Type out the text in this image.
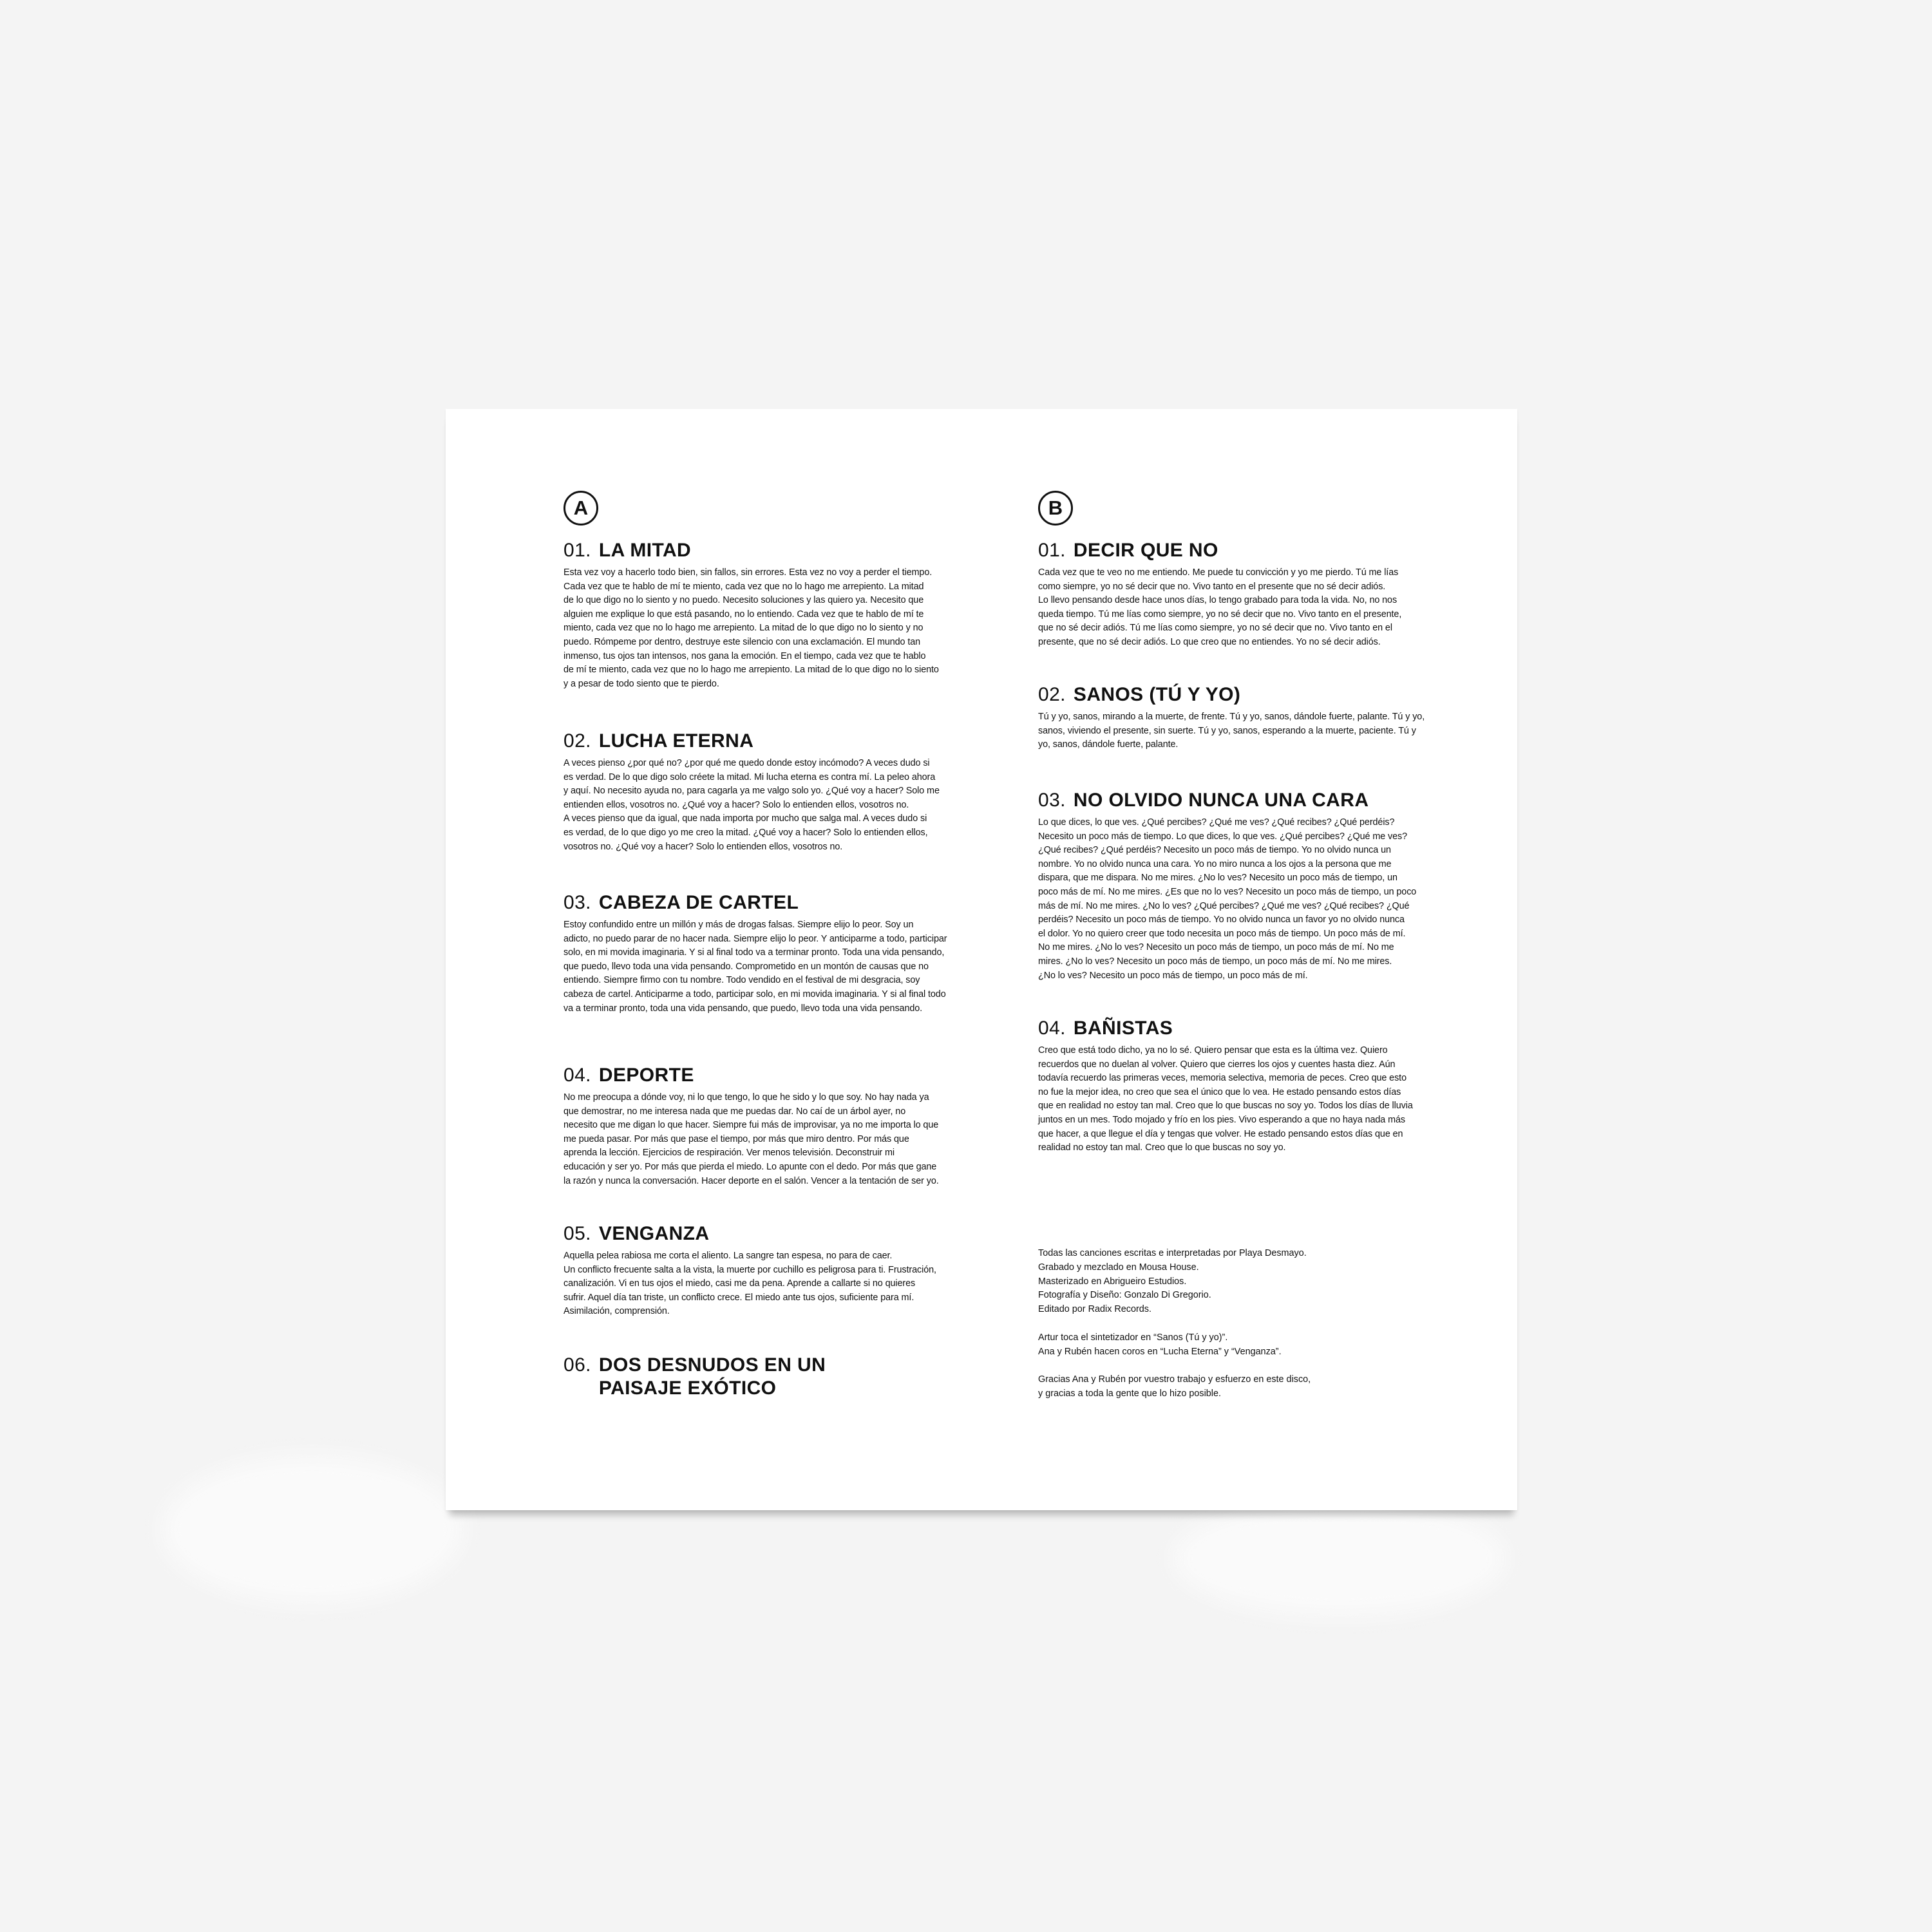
A
01. LA MITAD

Esta vez voy a hacerlo todo bien, sin fallos, sin errores. Esta vez no voy a perder el tiempo.
Cada vez que te hablo de mí te miento, cada vez que no lo hago me arrepiento. La mitad
de lo que digo no lo siento y no puedo. Necesito soluciones y las quiero ya. Necesito que
alguien me explique lo que está pasando, no lo entiendo. Cada vez que te hablo de mí te
miento, cada vez que no lo hago me arrepiento. La mitad de lo que digo no lo siento y no
puedo. Rómpeme por dentro, destruye este silencio con una exclamación. El mundo tan
inmenso, tus ojos tan intensos, nos gana la emoción. En el tiempo, cada vez que te hablo
de mí te miento, cada vez que no lo hago me arrepiento. La mitad de lo que digo no lo siento
y a pesar de todo siento que te pierdo.

02. LUCHA ETERNA

A veces pienso ¿por qué no? ¿por qué me quedo donde estoy incómodo? A veces dudo si
es verdad. De lo que digo solo créete la mitad. Mi lucha eterna es contra mí. La peleo ahora
y aquí. No necesito ayuda no, para cagarla ya me valgo solo yo. ¿Qué voy a hacer? Solo me
entienden ellos, vosotros no. ¿Qué voy a hacer? Solo lo entienden ellos, vosotros no.
A veces pienso que da igual, que nada importa por mucho que salga mal. A veces dudo si
es verdad, de lo que digo yo me creo la mitad. ¿Qué voy a hacer? Solo lo entienden ellos,
vosotros no. ¿Qué voy a hacer? Solo lo entienden ellos, vosotros no.

03. CABEZA DE CARTEL

Estoy confundido entre un millón y más de drogas falsas. Siempre elijo lo peor. Soy un
adicto, no puedo parar de no hacer nada. Siempre elijo lo peor. Y anticiparme a todo, participar
solo, en mi movida imaginaria. Y si al final todo va a terminar pronto. Toda una vida pensando,
que puedo, llevo toda una vida pensando. Comprometido en un montón de causas que no
entiendo. Siempre firmo con tu nombre. Todo vendido en el festival de mi desgracia, soy
cabeza de cartel. Anticiparme a todo, participar solo, en mi movida imaginaria. Y si al final todo
va a terminar pronto, toda una vida pensando, que puedo, llevo toda una vida pensando.

04. DEPORTE

No me preocupa a dónde voy, ni lo que tengo, lo que he sido y lo que soy. No hay nada ya
que demostrar, no me interesa nada que me puedas dar. No caí de un árbol ayer, no
necesito que me digan lo que hacer. Siempre fui más de improvisar, ya no me importa lo que
me pueda pasar. Por más que pase el tiempo, por más que miro dentro. Por más que
aprenda la lección. Ejercicios de respiración. Ver menos televisión. Deconstruir mi
educación y ser yo. Por más que pierda el miedo. Lo apunte con el dedo. Por más que gane
la razón y nunca la conversación. Hacer deporte en el salón. Vencer a la tentación de ser yo.

05. VENGANZA

Aquella pelea rabiosa me corta el aliento. La sangre tan espesa, no para de caer.
Un conflicto frecuente salta a la vista, la muerte por cuchillo es peligrosa para ti. Frustración,
canalización. Vi en tus ojos el miedo, casi me da pena. Aprende a callarte si no quieres
sufrir. Aquel día tan triste, un conflicto crece. El miedo ante tus ojos, suficiente para mí.
Asimilación, comprensión.

06. DOS DESNUDOS EN UN PAISAJE EXÓTICO
B
01. DECIR QUE NO

Cada vez que te veo no me entiendo. Me puede tu convicción y yo me pierdo. Tú me lías
como siempre, yo no sé decir que no. Vivo tanto en el presente que no sé decir adiós.
Lo llevo pensando desde hace unos días, lo tengo grabado para toda la vida. No, no nos
queda tiempo. Tú me lías como siempre, yo no sé decir que no. Vivo tanto en el presente,
que no sé decir adiós. Tú me lías como siempre, yo no sé decir que no. Vivo tanto en el
presente, que no sé decir adiós. Lo que creo que no entiendes. Yo no sé decir adiós.

02. SANOS (TÚ Y YO)

Tú y yo, sanos, mirando a la muerte, de frente. Tú y yo, sanos, dándole fuerte, palante. Tú y yo,
sanos, viviendo el presente, sin suerte. Tú y yo, sanos, esperando a la muerte, paciente. Tú y
yo, sanos, dándole fuerte, palante.

03. NO OLVIDO NUNCA UNA CARA

Lo que dices, lo que ves. ¿Qué percibes? ¿Qué me ves? ¿Qué recibes? ¿Qué perdéis?
Necesito un poco más de tiempo. Lo que dices, lo que ves. ¿Qué percibes? ¿Qué me ves?
¿Qué recibes? ¿Qué perdéis? Necesito un poco más de tiempo. Yo no olvido nunca un
nombre. Yo no olvido nunca una cara. Yo no miro nunca a los ojos a la persona que me
dispara, que me dispara. No me mires. ¿No lo ves? Necesito un poco más de tiempo, un
poco más de mí. No me mires. ¿Es que no lo ves? Necesito un poco más de tiempo, un poco
más de mí. No me mires. ¿No lo ves? ¿Qué percibes? ¿Qué me ves? ¿Qué recibes? ¿Qué
perdéis? Necesito un poco más de tiempo. Yo no olvido nunca un favor yo no olvido nunca
el dolor. Yo no quiero creer que todo necesita un poco más de tiempo. Un poco más de mí.
No me mires. ¿No lo ves? Necesito un poco más de tiempo, un poco más de mí. No me
mires. ¿No lo ves? Necesito un poco más de tiempo, un poco más de mí. No me mires.
¿No lo ves? Necesito un poco más de tiempo, un poco más de mí.

04. BAÑISTAS

Creo que está todo dicho, ya no lo sé. Quiero pensar que esta es la última vez. Quiero
recuerdos que no duelan al volver. Quiero que cierres los ojos y cuentes hasta diez. Aún
todavía recuerdo las primeras veces, memoria selectiva, memoria de peces. Creo que esto
no fue la mejor idea, no creo que sea el único que lo vea. He estado pensando estos días
que en realidad no estoy tan mal. Creo que lo que buscas no soy yo. Todos los días de lluvia
juntos en un mes. Todo mojado y frío en los pies. Vivo esperando a que no haya nada más
que hacer, a que llegue el día y tengas que volver. He estado pensando estos días que en
realidad no estoy tan mal. Creo que lo que buscas no soy yo.

Todas las canciones escritas e interpretadas por Playa Desmayo.
Grabado y mezclado en Mousa House.
Masterizado en Abrigueiro Estudios.
Fotografía y Diseño: Gonzalo Di Gregorio.
Editado por Radix Records.

Artur toca el sintetizador en “Sanos (Tú y yo)”.
Ana y Rubén hacen coros en “Lucha Eterna” y “Venganza”.

Gracias Ana y Rubén por vuestro trabajo y esfuerzo en este disco,
y gracias a toda la gente que lo hizo posible.
